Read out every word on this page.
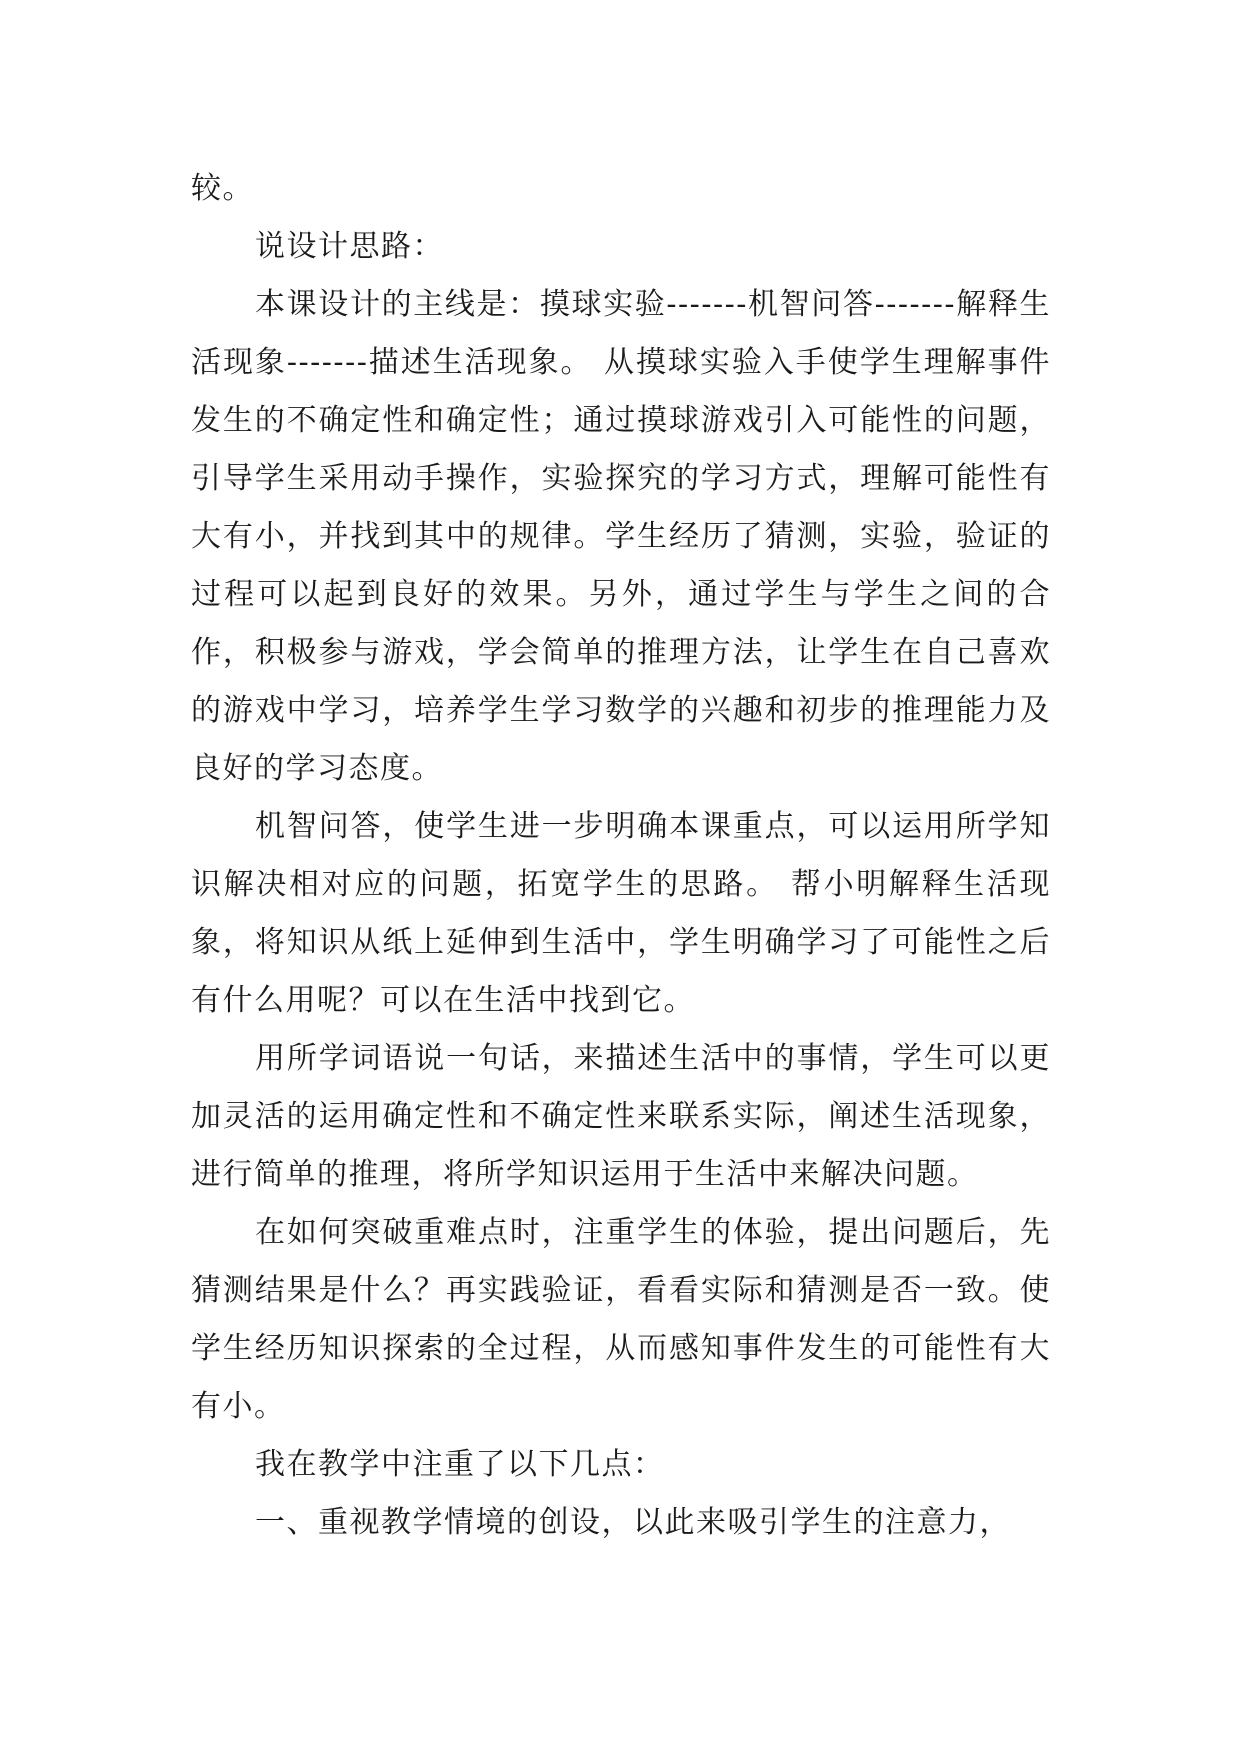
较。

说设计思路：

本课设计的主线是：摸球实验-------机智问答-------解释生活现象-------描述生活现象。 从摸球实验入手使学生理解事件发生的不确定性和确定性；通过摸球游戏引入可能性的问题，引导学生采用动手操作，实验探究的学习方式，理解可能性有大有小，并找到其中的规律。学生经历了猜测，实验，验证的过程可以起到良好的效果。另外，通过学生与学生之间的合作，积极参与游戏，学会简单的推理方法，让学生在自己喜欢的游戏中学习，培养学生学习数学的兴趣和初步的推理能力及良好的学习态度。

机智问答，使学生进一步明确本课重点，可以运用所学知识解决相对应的问题，拓宽学生的思路。 帮小明解释生活现象，将知识从纸上延伸到生活中，学生明确学习了可能性之后有什么用呢？可以在生活中找到它。

用所学词语说一句话，来描述生活中的事情，学生可以更加灵活的运用确定性和不确定性来联系实际，阐述生活现象，进行简单的推理，将所学知识运用于生活中来解决问题。

在如何突破重难点时，注重学生的体验，提出问题后，先猜测结果是什么？再实践验证，看看实际和猜测是否一致。使学生经历知识探索的全过程，从而感知事件发生的可能性有大有小。

我在教学中注重了以下几点：

一、重视教学情境的创设，以此来吸引学生的注意力，
